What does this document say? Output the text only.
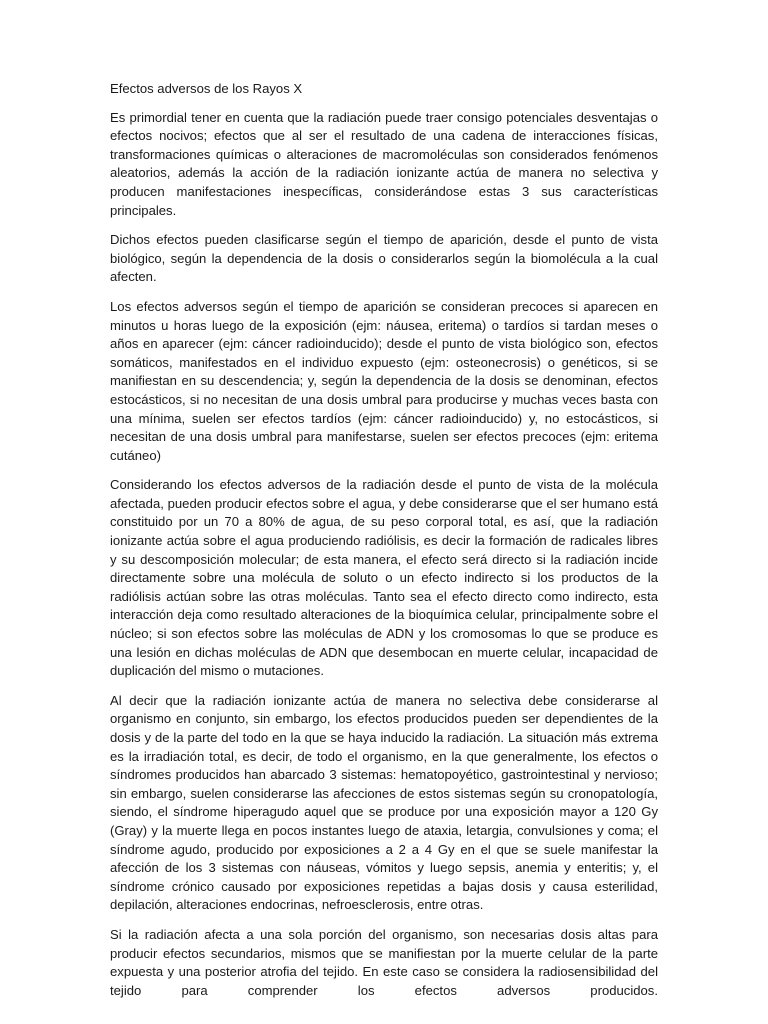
Efectos adversos de los Rayos X

Es primordial tener en cuenta que la radiación puede traer consigo potenciales desventajas o efectos nocivos; efectos que al ser el resultado de una cadena de interacciones físicas, transformaciones químicas o alteraciones de macromoléculas son considerados fenómenos aleatorios, además la acción de la radiación ionizante actúa de manera no selectiva y producen manifestaciones inespecíficas, considerándose estas 3 sus características principales.

Dichos efectos pueden clasificarse según el tiempo de aparición, desde el punto de vista biológico, según la dependencia de la dosis o considerarlos según la biomolécula a la cual afecten.

Los efectos adversos según el tiempo de aparición se consideran precoces si aparecen en minutos u horas luego de la exposición (ejm: náusea, eritema) o tardíos si tardan meses o años en aparecer (ejm: cáncer radioinducido); desde el punto de vista biológico son, efectos somáticos, manifestados en el individuo expuesto (ejm: osteonecrosis) o genéticos, si se manifiestan en su descendencia; y, según la dependencia de la dosis se denominan, efectos estocásticos, si no necesitan de una dosis umbral para producirse y muchas veces basta con una mínima, suelen ser efectos tardíos (ejm: cáncer radioinducido) y, no estocásticos, si necesitan de una dosis umbral para manifestarse, suelen ser efectos precoces (ejm: eritema cutáneo)

Considerando los efectos adversos de la radiación desde el punto de vista de la molécula afectada, pueden producir efectos sobre el agua, y debe considerarse que el ser humano está constituido por un 70 a 80% de agua, de su peso corporal total, es así, que la radiación ionizante actúa sobre el agua produciendo radiólisis, es decir la formación de radicales libres y su descomposición molecular; de esta manera, el efecto será directo si la radiación incide directamente sobre una molécula de soluto o un efecto indirecto si los productos de la radiólisis actúan sobre las otras moléculas. Tanto sea el efecto directo como indirecto, esta interacción deja como resultado alteraciones de la bioquímica celular, principalmente sobre el núcleo; si son efectos sobre las moléculas de ADN y los cromosomas lo que se produce es una lesión en dichas moléculas de ADN que desembocan en muerte celular, incapacidad de duplicación del mismo o mutaciones.

Al decir que la radiación ionizante actúa de manera no selectiva debe considerarse al organismo en conjunto, sin embargo, los efectos producidos pueden ser dependientes de la dosis y de la parte del todo en la que se haya inducido la radiación. La situación más extrema es la irradiación total, es decir, de todo el organismo, en la que generalmente, los efectos o síndromes producidos han abarcado 3 sistemas: hematopoyético, gastrointestinal y nervioso; sin embargo, suelen considerarse las afecciones de estos sistemas según su cronopatología, siendo, el síndrome hiperagudo aquel que se produce por una exposición mayor a 120 Gy (Gray) y la muerte llega en pocos instantes luego de ataxia, letargia, convulsiones y coma; el síndrome agudo, producido por exposiciones a 2 a 4 Gy en el que se suele manifestar la afección de los 3 sistemas con náuseas, vómitos y luego sepsis, anemia y enteritis; y, el síndrome crónico causado por exposiciones repetidas a bajas dosis y causa esterilidad, depilación, alteraciones endocrinas, nefroesclerosis, entre otras.

Si la radiación afecta a una sola porción del organismo, son necesarias dosis altas para producir efectos secundarios, mismos que se manifiestan por la muerte celular de la parte expuesta y una posterior atrofia del tejido. En este caso se considera la radiosensibilidad del tejido para comprender los efectos adversos producidos.
